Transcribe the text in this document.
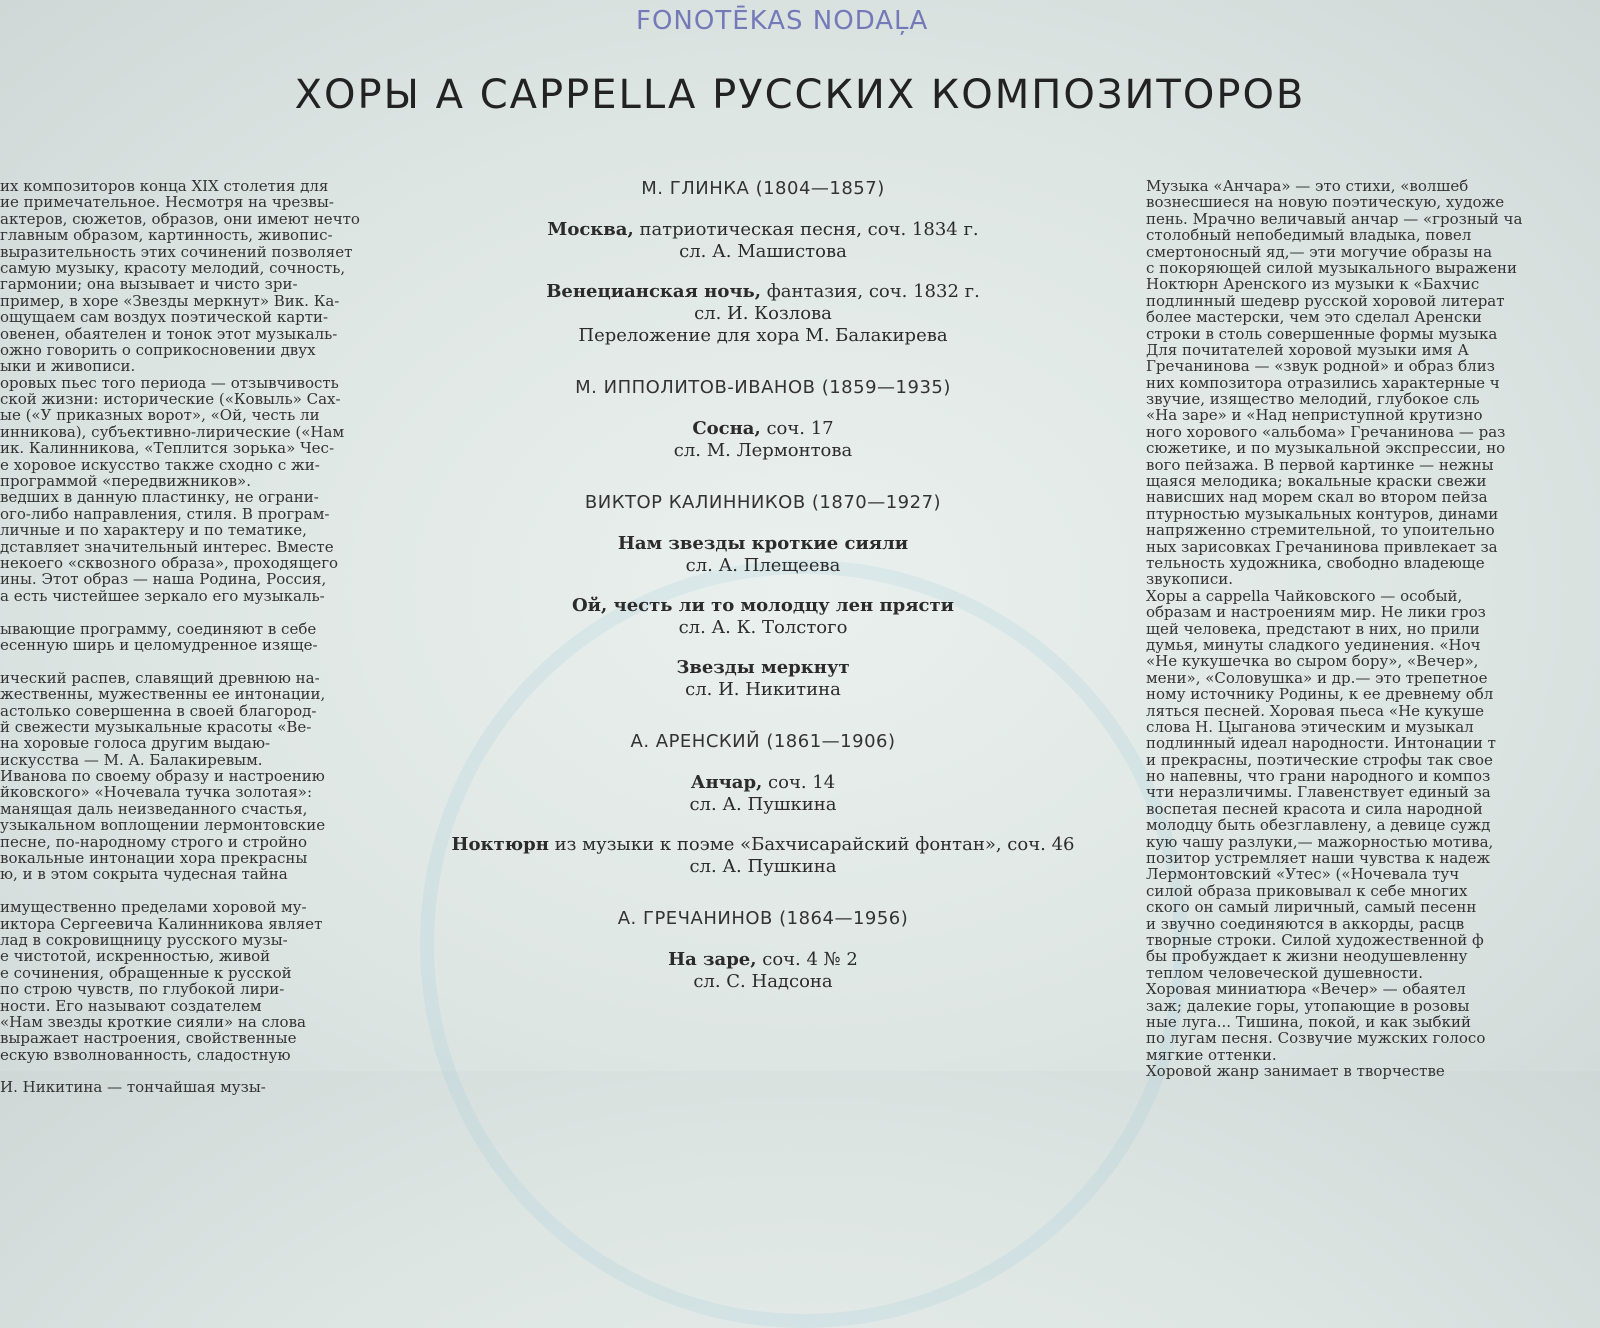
FONOTĒKAS NODAĻA
ХОРЫ А CAPPELLA РУССКИХ КОМПОЗИТОРОВ
их композиторов конца XIX столетия для
ие примечательное. Несмотря на чрезвы-
актеров, сюжетов, образов, они имеют нечто
главным образом, картинность, живопис-
выразительность этих сочинений позволяет
самую музыку, красоту мелодий, сочность,
гармонии; она вызывает и чисто зри-
пример, в хоре «Звезды меркнут» Вик. Ка-
ощущаем сам воздух поэтической карти-
овенен, обаятелен и тонок этот музыкаль-
ожно говорить о соприкосновении двух
ыки и живописи.
оровых пьес того периода — отзывчивость
ской жизни: исторические («Ковыль» Сах-
ые («У приказных ворот», «Ой, честь ли
инникова), субъективно-лирические («Нам
ик. Калинникова, «Теплится зорька» Чес-
е хоровое искусство также сходно с жи-
программой «передвижников».
ведших в данную пластинку, не ограни-
ого-либо направления, стиля. В програм-
личные и по характеру и по тематике,
дставляет значительный интерес. Вместе
некоего «сквозного образа», проходящего
ины. Этот образ — наша Родина, Россия,
а есть чистейшее зеркало его музыкаль-
ывающие программу, соединяют в себе
есенную ширь и целомудренное изяще-
ический распев, славящий древнюю на-
жественны, мужественны ее интонации,
астолько совершенна в своей благород-
й свежести музыкальные красоты «Ве-
на хоровые голоса другим выдаю-
искусства — М. А. Балакиревым.
Иванова по своему образу и настроению
йковского» «Ночевала тучка золотая»:
манящая даль неизведанного счастья,
узыкальном воплощении лермонтовские
песне, по-народному строго и стройно
вокальные интонации хора прекрасны
ю, и в этом сокрыта чудесная тайна
имущественно пределами хоровой му-
иктора Сергеевича Калинникова являет
лад в сокровищницу русского музы-
е чистотой, искренностью, живой
е сочинения, обращенные к русской
по строю чувств, по глубокой лири-
ности. Его называют создателем
«Нам звезды кроткие сияли» на слова
выражает настроения, свойственные
ескую взволнованность, сладостную
И. Никитина — тончайшая музы-
М. ГЛИНКА (1804—1857)
Москва, патриотическая песня, соч. 1834 г.
сл. А. Машистова
Венецианская ночь, фантазия, соч. 1832 г.
сл. И. Козлова
Переложение для хора М. Балакирева
М. ИППОЛИТОВ-ИВАНОВ (1859—1935)
Сосна, соч. 17
сл. М. Лермонтова
ВИКТОР КАЛИННИКОВ (1870—1927)
Нам звезды кроткие сияли
сл. А. Плещеева
Ой, честь ли то молодцу лен прясти
сл. А. К. Толстого
Звезды меркнут
сл. И. Никитина
А. АРЕНСКИЙ (1861—1906)
Анчар, соч. 14
сл. А. Пушкина
Ноктюрн из музыки к поэме «Бахчисарайский фонтан», соч. 46
сл. А. Пушкина
А. ГРЕЧАНИНОВ (1864—1956)
На заре, соч. 4 № 2
сл. С. Надсона
Музыка «Анчара» — это стихи, «волшеб
вознесшиеся на новую поэтическую, художе
пень. Мрачно величавый анчар — «грозный ча
столобный непобедимый владыка, повел
смертоносный яд,— эти могучие образы на
с покоряющей силой музыкального выражени
Ноктюрн Аренского из музыки к «Бахчис
подлинный шедевр русской хоровой литерат
более мастерски, чем это сделал Аренски
строки в столь совершенные формы музыка
Для почитателей хоровой музыки имя А
Гречанинова — «звук родной» и образ близ
них композитора отразились характерные ч
звучие, изящество мелодий, глубокое сль
«На заре» и «Над неприступной крутизно
ного хорового «альбома» Гречанинова — раз
сюжетике, и по музыкальной экспрессии, но
вого пейзажа. В первой картинке — нежны
щаяся мелодика; вокальные краски свежи
нависших над морем скал во втором пейза
птурностью музыкальных контуров, динами
напряженно стремительной, то упоительно
ных зарисовках Гречанинова привлекает за
тельность художника, свободно владеюще
звукописи.
Хоры а cappella Чайковского — особый,
образам и настроениям мир. Не лики гроз
щей человека, предстают в них, но прили
думья, минуты сладкого уединения. «Ноч
«Не кукушечка во сыром бору», «Вечер»,
мени», «Соловушка» и др.— это трепетное
ному источнику Родины, к ее древнему обл
ляться песней. Хоровая пьеса «Не кукуше
слова Н. Цыганова этическим и музыкал
подлинный идеал народности. Интонации т
и прекрасны, поэтические строфы так свое
но напевны, что грани народного и композ
чти неразличимы. Главенствует единый за
воспетая песней красота и сила народной
молодцу быть обезглавлену, а девице сужд
кую чашу разлуки,— мажорностью мотива,
позитор устремляет наши чувства к надеж
Лермонтовский «Утес» («Ночевала туч
силой образа приковывал к себе многих
ского он самый лиричный, самый песенн
и звучно соединяются в аккорды, расцв
творные строки. Силой художественной ф
бы пробуждает к жизни неодушевленну
теплом человеческой душевности.
Хоровая миниатюра «Вечер» — обаятел
заж; далекие горы, утопающие в розовы
ные луга... Тишина, покой, и как зыбкий
по лугам песня. Созвучие мужских голосо
мягкие оттенки.
Хоровой жанр занимает в творчестве
